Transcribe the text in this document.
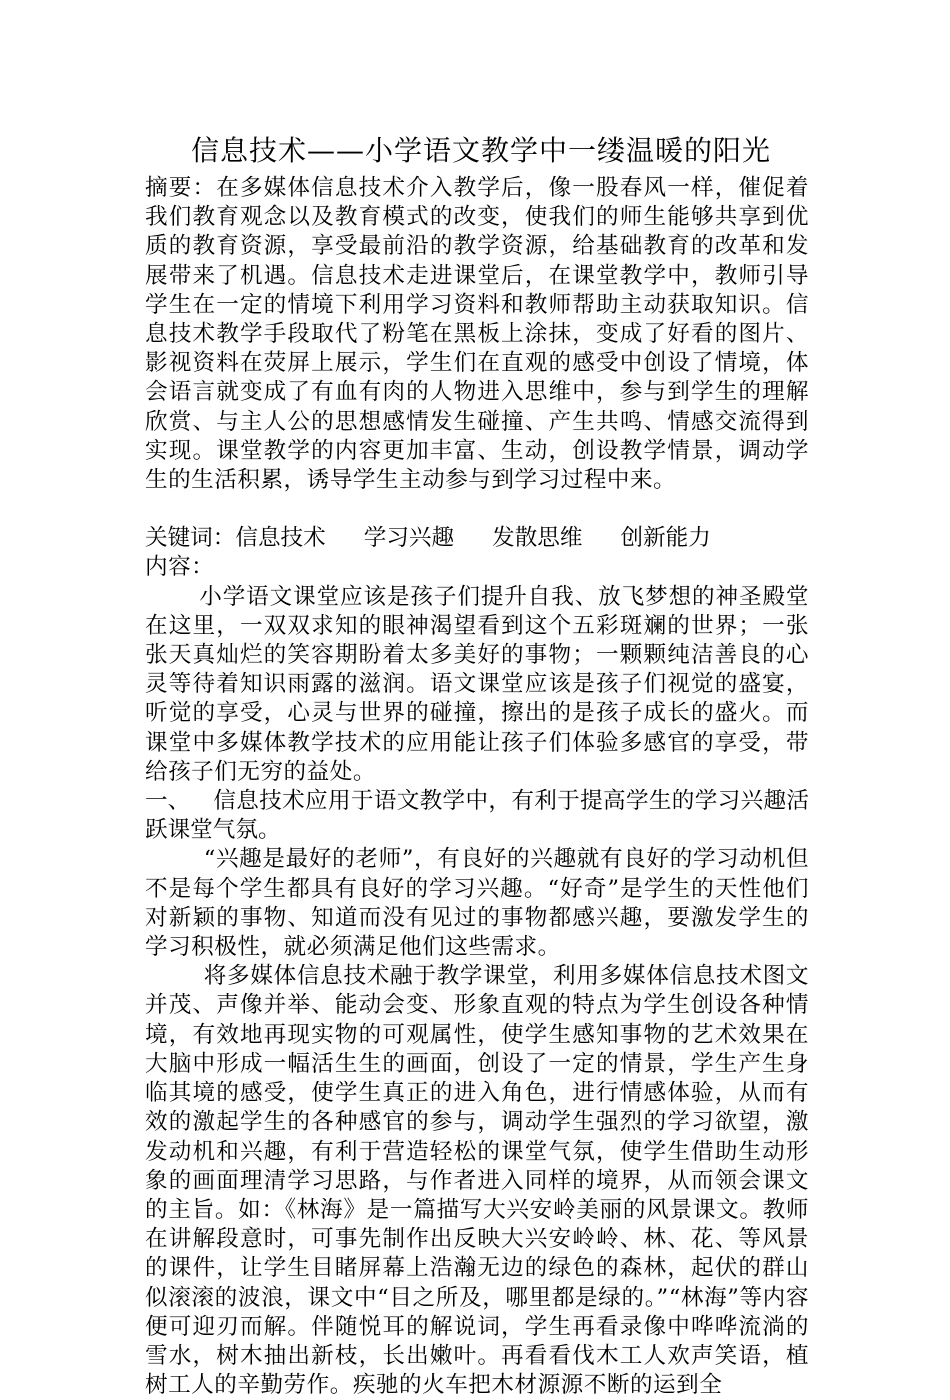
信息技术——小学语文教学中一缕温暖的阳光

摘要：在多媒体信息技术介入教学后，像一股春风一样，催促着我们教育观念以及教育模式的改变，使我们的师生能够共享到优质的教育资源，享受最前沿的教学资源，给基础教育的改革和发展带来了机遇。信息技术走进课堂后，在课堂教学中，教师引导学生在一定的情境下利用学习资料和教师帮助主动获取知识。信息技术教学手段取代了粉笔在黑板上涂抹，变成了好看的图片、影视资料在荧屏上展示，学生们在直观的感受中创设了情境，体会语言就变成了有血有肉的人物进入思维中，参与到学生的理解欣赏、与主人公的思想感情发生碰撞、产生共鸣、情感交流得到实现。课堂教学的内容更加丰富、生动，创设教学情景，调动学生的生活积累，诱导学生主动参与到学习过程中来。

关键词：信息技术 学习兴趣 发散思维 创新能力

内容：

小学语文课堂应该是孩子们提升自我、放飞梦想的神圣殿堂在这里，一双双求知的眼神渴望看到这个五彩斑斓的世界；一张张天真灿烂的笑容期盼着太多美好的事物；一颗颗纯洁善良的心灵等待着知识雨露的滋润。语文课堂应该是孩子们视觉的盛宴，听觉的享受，心灵与世界的碰撞，擦出的是孩子成长的盛火。而课堂中多媒体教学技术的应用能让孩子们体验多感官的享受，带给孩子们无穷的益处。

一、 信息技术应用于语文教学中，有利于提高学生的学习兴趣活跃课堂气氛。

“兴趣是最好的老师”，有良好的兴趣就有良好的学习动机但不是每个学生都具有良好的学习兴趣。“好奇”是学生的天性他们对新颖的事物、知道而没有见过的事物都感兴趣，要激发学生的学习积极性，就必须满足他们这些需求。

将多媒体信息技术融于教学课堂，利用多媒体信息技术图文并茂、声像并举、能动会变、形象直观的特点为学生创设各种情境，有效地再现实物的可观属性，使学生感知事物的艺术效果在大脑中形成一幅活生生的画面，创设了一定的情景，学生产生身临其境的感受，使学生真正的进入角色，进行情感体验，从而有效的激起学生的各种感官的参与，调动学生强烈的学习欲望，激发动机和兴趣，有利于营造轻松的课堂气氛，使学生借助生动形象的画面理清学习思路，与作者进入同样的境界，从而领会课文的主旨。如：《林海》是一篇描写大兴安岭美丽的风景课文。教师在讲解段意时，可事先制作出反映大兴安岭岭、林、花、等风景的课件，让学生目睹屏幕上浩瀚无边的绿色的森林，起伏的群山似滚滚的波浪，课文中“目之所及，哪里都是绿的。”“林海”等内容便可迎刃而解。伴随悦耳的解说词，学生再看录像中哗哗流淌的雪水，树木抽出新枝，长出嫩叶。再看看伐木工人欢声笑语，植树工人的辛勤劳作。疾驰的火车把木材源源不断的运到全
